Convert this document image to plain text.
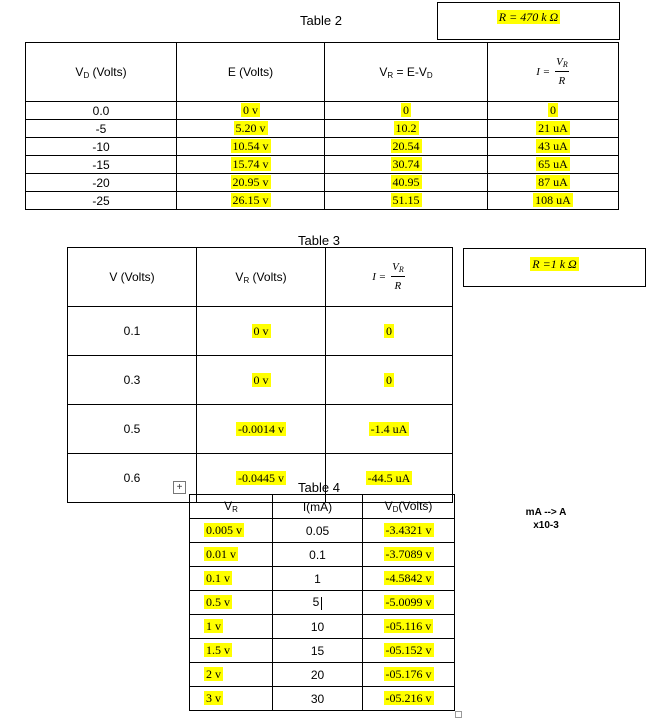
Table 2	R = 470 k Ω
$V_D$ (Volts)	E (Volts)	$V_R = E-V_D$	$I = \frac{V_R}{R}$

0.0	0 v	0	0
-5	5.20 v	10.2	21 uA
-10	10.54 v	20.54	43 uA
-15	15.74 v	30.74	65 uA
-20	20.95 v	40.95	87 uA
-25	26.15 v	51.15	108 uA
Table 3
R =1 k Ω
V (Volts)	$V_R$ (Volts)	$I = \frac{V_R}{R}$

0.1	0 v	0
0.3	0 v	0
0.5	-0.0014 v	-1.4 uA
0.6	-0.0445 v	-44.5 uA
+	Table 4
mA --> A
x10-3
$V_R$	I(mA)	$V_D(Volts)$
0.005 v	0.05	-3.4321 v
0.01 v	0.1	-3.7089 v
0.1 v	1	-4.5842 v
0.5 v	5	-5.0099 v
1 v	10	-05.116 v
1.5 v	15	-05.152 v
2 v	20	-05.176 v
3 v	30	-05.216 v
